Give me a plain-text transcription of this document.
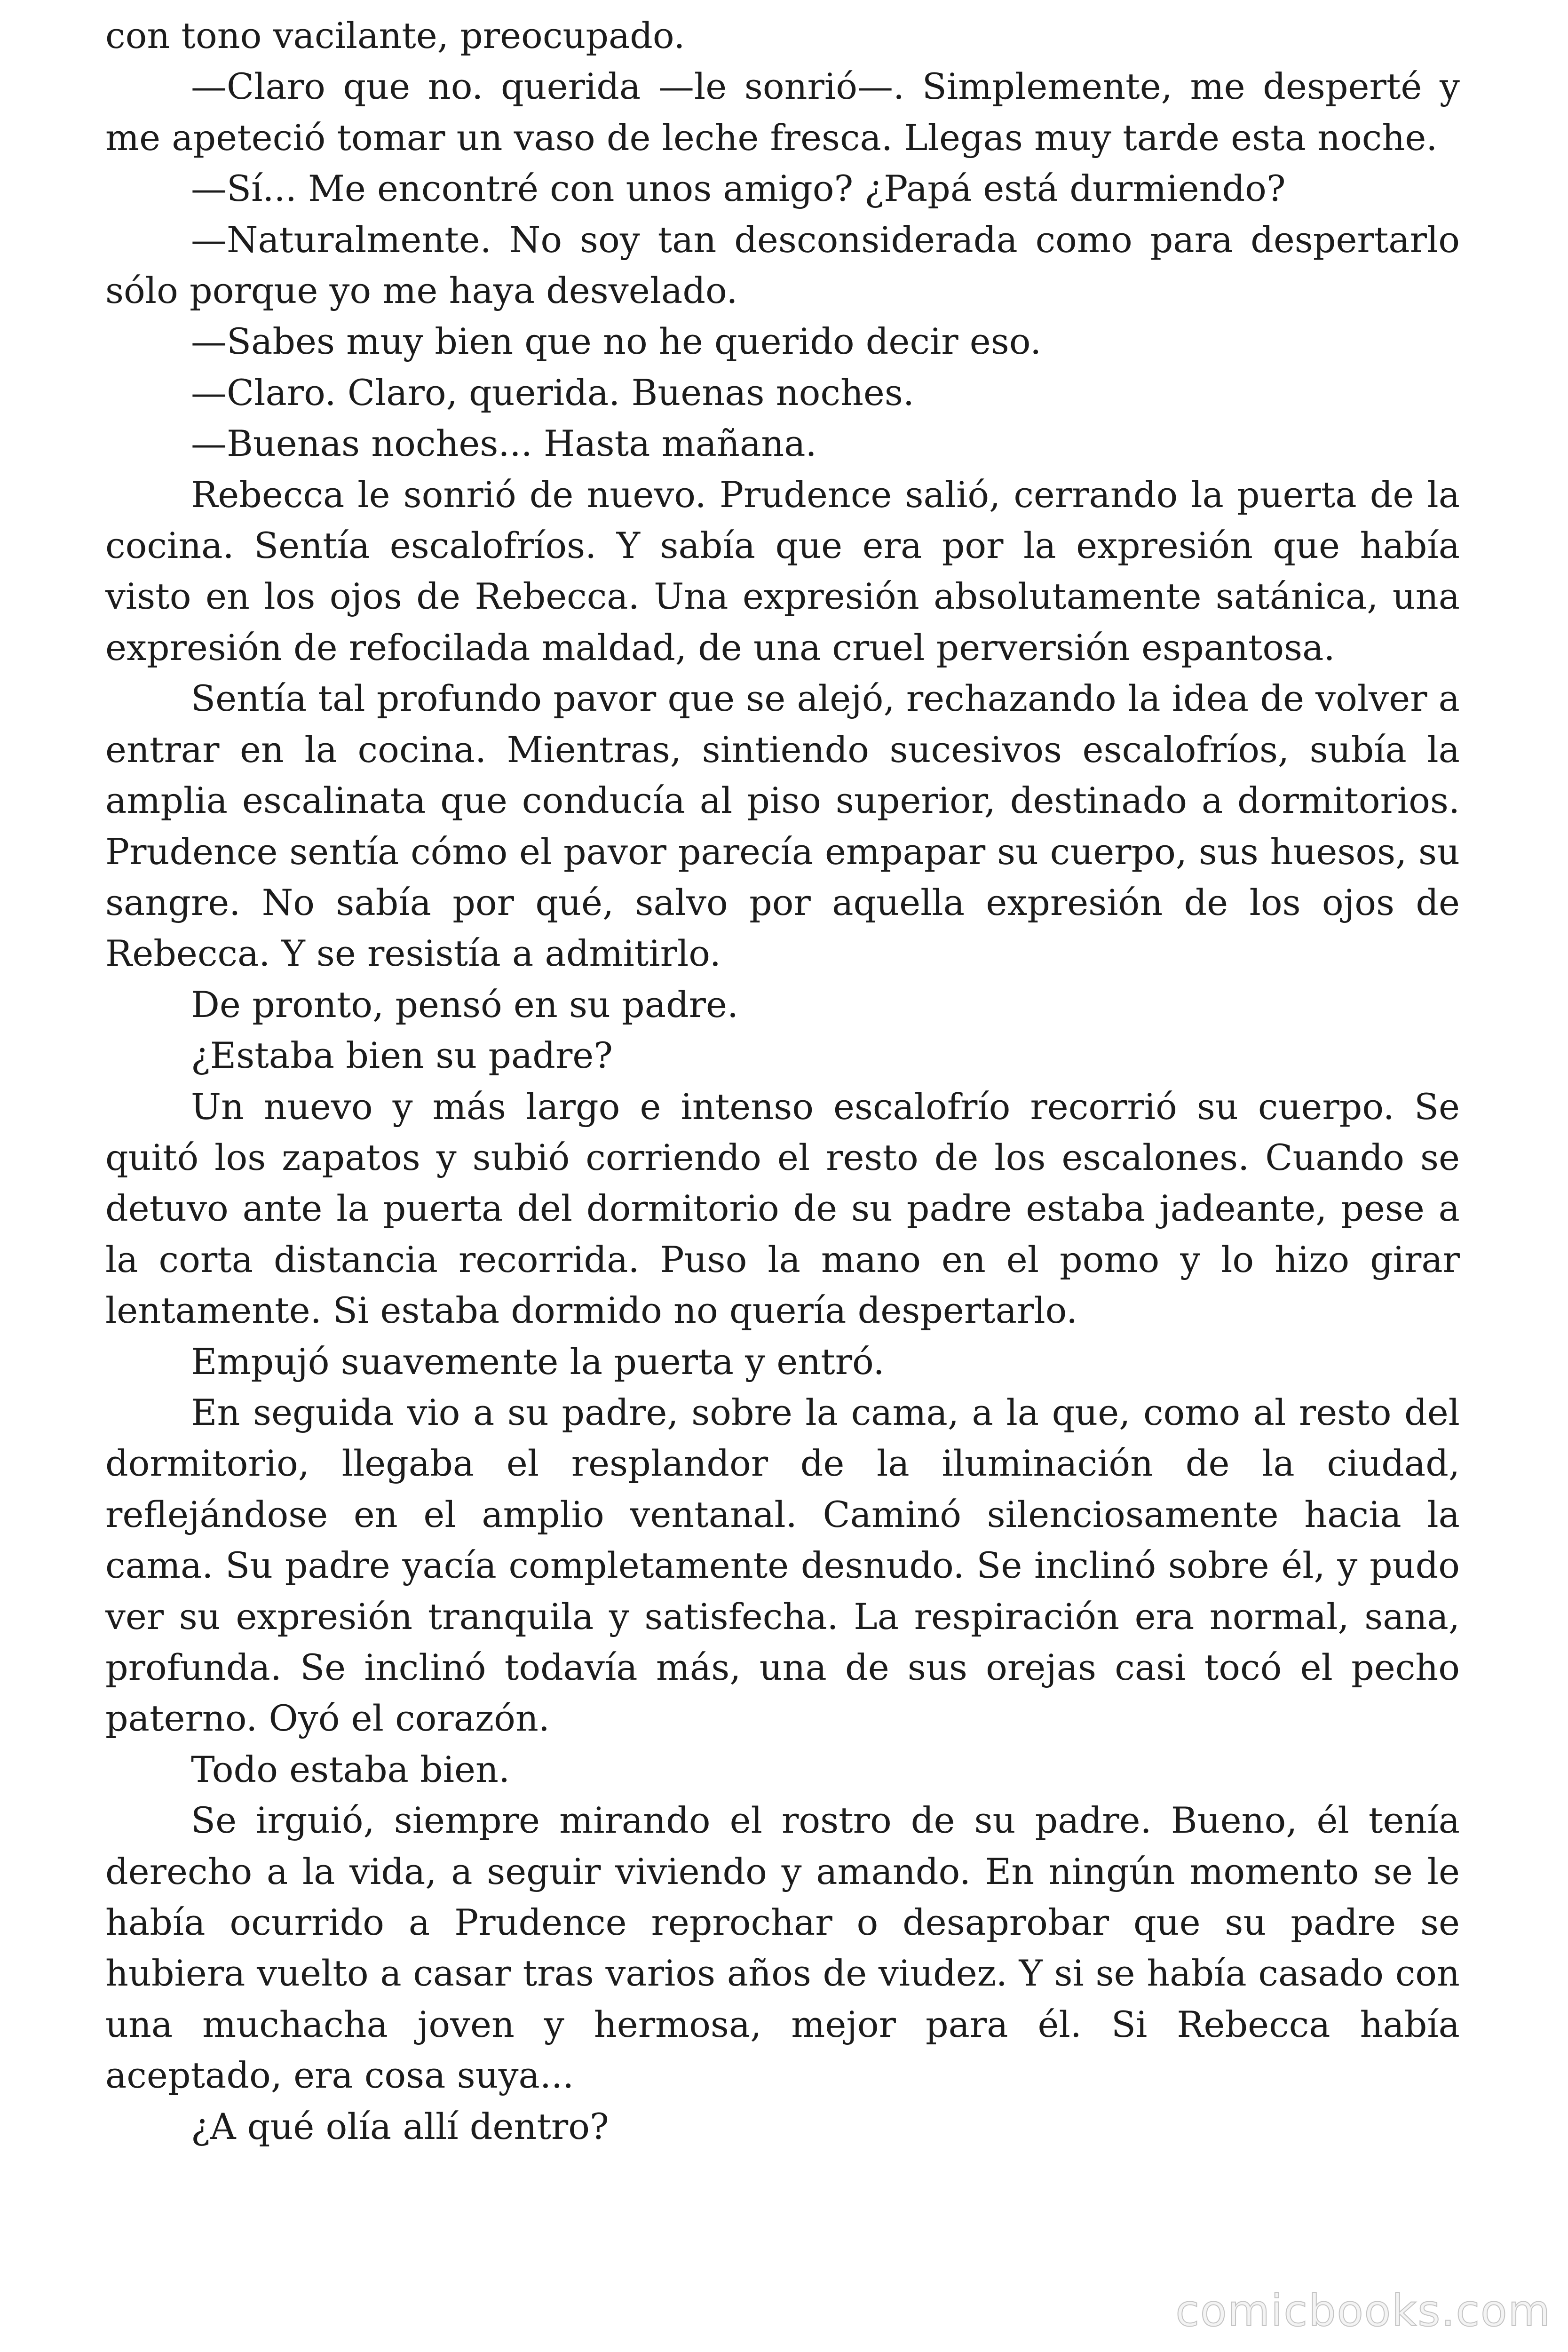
con tono vacilante, preocupado.

—Claro que no. querida —le sonrió—. Simplemente, me desperté y me apeteció tomar un vaso de leche fresca. Llegas muy tarde esta noche.

—Sí... Me encontré con unos amigo? ¿Papá está durmiendo?

—Naturalmente. No soy tan desconsiderada como para despertarlo sólo porque yo me haya desvelado.

—Sabes muy bien que no he querido decir eso.

—Claro. Claro, querida. Buenas noches.

—Buenas noches... Hasta mañana.

Rebecca le sonrió de nuevo. Prudence salió, cerrando la puerta de la cocina. Sentía escalofríos. Y sabía que era por la expresión que había visto en los ojos de Rebecca. Una expresión absolutamente satánica, una expresión de refocilada maldad, de una cruel perversión espantosa.

Sentía tal profundo pavor que se alejó, rechazando la idea de volver a entrar en la cocina. Mientras, sintiendo sucesivos escalofríos, subía la amplia escalinata que conducía al piso superior, destinado a dormitorios. Prudence sentía cómo el pavor parecía empapar su cuerpo, sus huesos, su sangre. No sabía por qué, salvo por aquella expresión de los ojos de Rebecca. Y se resistía a admitirlo.

De pronto, pensó en su padre.

¿Estaba bien su padre?

Un nuevo y más largo e intenso escalofrío recorrió su cuerpo. Se quitó los zapatos y subió corriendo el resto de los escalones. Cuando se detuvo ante la puerta del dormitorio de su padre estaba jadeante, pese a la corta distancia recorrida. Puso la mano en el pomo y lo hizo girar lentamente. Si estaba dormido no quería despertarlo.

Empujó suavemente la puerta y entró.

En seguida vio a su padre, sobre la cama, a la que, como al resto del dormitorio, llegaba el resplandor de la iluminación de la ciudad, reflejándose en el amplio ventanal. Caminó silenciosamente hacia la cama. Su padre yacía completamente desnudo. Se inclinó sobre él, y pudo ver su expresión tranquila y satisfecha. La respiración era normal, sana, profunda. Se inclinó todavía más, una de sus orejas casi tocó el pecho paterno. Oyó el corazón.

Todo estaba bien.

Se irguió, siempre mirando el rostro de su padre. Bueno, él tenía derecho a la vida, a seguir viviendo y amando. En ningún momento se le había ocurrido a Prudence reprochar o desaprobar que su padre se hubiera vuelto a casar tras varios años de viudez. Y si se había casado con una muchacha joven y hermosa, mejor para él. Si Rebecca había aceptado, era cosa suya...

¿A qué olía allí dentro?

comicbooks.com
